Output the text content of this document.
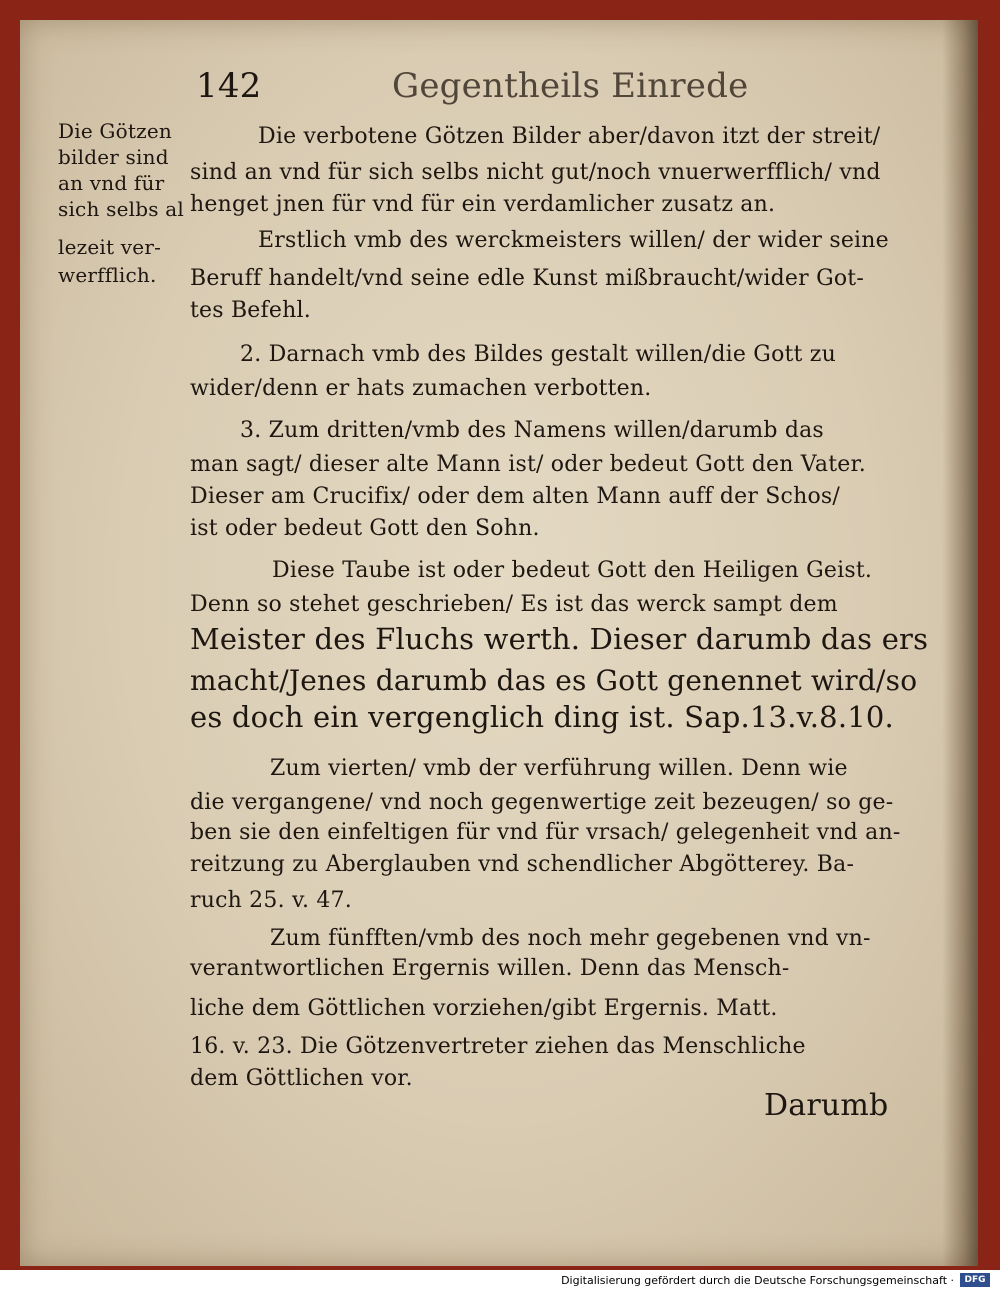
142	Gegentheils Einrede
Die Götzen
bilder sind
an vnd für
sich selbs al
lezeit ver-
werfflich.
Die verbotene Götzen Bilder aber/davon itzt der streit/
sind an vnd für sich selbs nicht gut/noch vnuerwerfflich/ vnd
henget jnen für vnd für ein verdamlicher zusatz an.
Erstlich vmb des werckmeisters willen/ der wider seine
Beruff handelt/vnd seine edle Kunst mißbraucht/wider Got-
tes Befehl.
2. Darnach vmb des Bildes gestalt willen/die Gott zu
wider/denn er hats zumachen verbotten.
3. Zum dritten/vmb des Namens willen/darumb das
man sagt/ dieser alte Mann ist/ oder bedeut Gott den Vater.
Dieser am Crucifix/ oder dem alten Mann auff der Schos/
ist oder bedeut Gott den Sohn.
Diese Taube ist oder bedeut Gott den Heiligen Geist.
Denn so stehet geschrieben/ Es ist das werck sampt dem
Meister des Fluchs werth. Dieser darumb das ers
macht/Jenes darumb das es Gott genennet wird/so
es doch ein vergenglich ding ist. Sap.13.v.8.10.
Zum vierten/ vmb der verführung willen. Denn wie
die vergangene/ vnd noch gegenwertige zeit bezeugen/ so ge-
ben sie den einfeltigen für vnd für vrsach/ gelegenheit vnd an-
reitzung zu Aberglauben vnd schendlicher Abgötterey. Ba-
ruch 25. v. 47.
Zum fünfften/vmb des noch mehr gegebenen vnd vn-
verantwortlichen Ergernis willen. Denn das Mensch-
liche dem Göttlichen vorziehen/gibt Ergernis. Matt.
16. v. 23. Die Götzenvertreter ziehen das Menschliche
dem Göttlichen vor.
Darumb
Digitalisierung gefördert durch die Deutsche Forschungsgemeinschaft ·	DFG
